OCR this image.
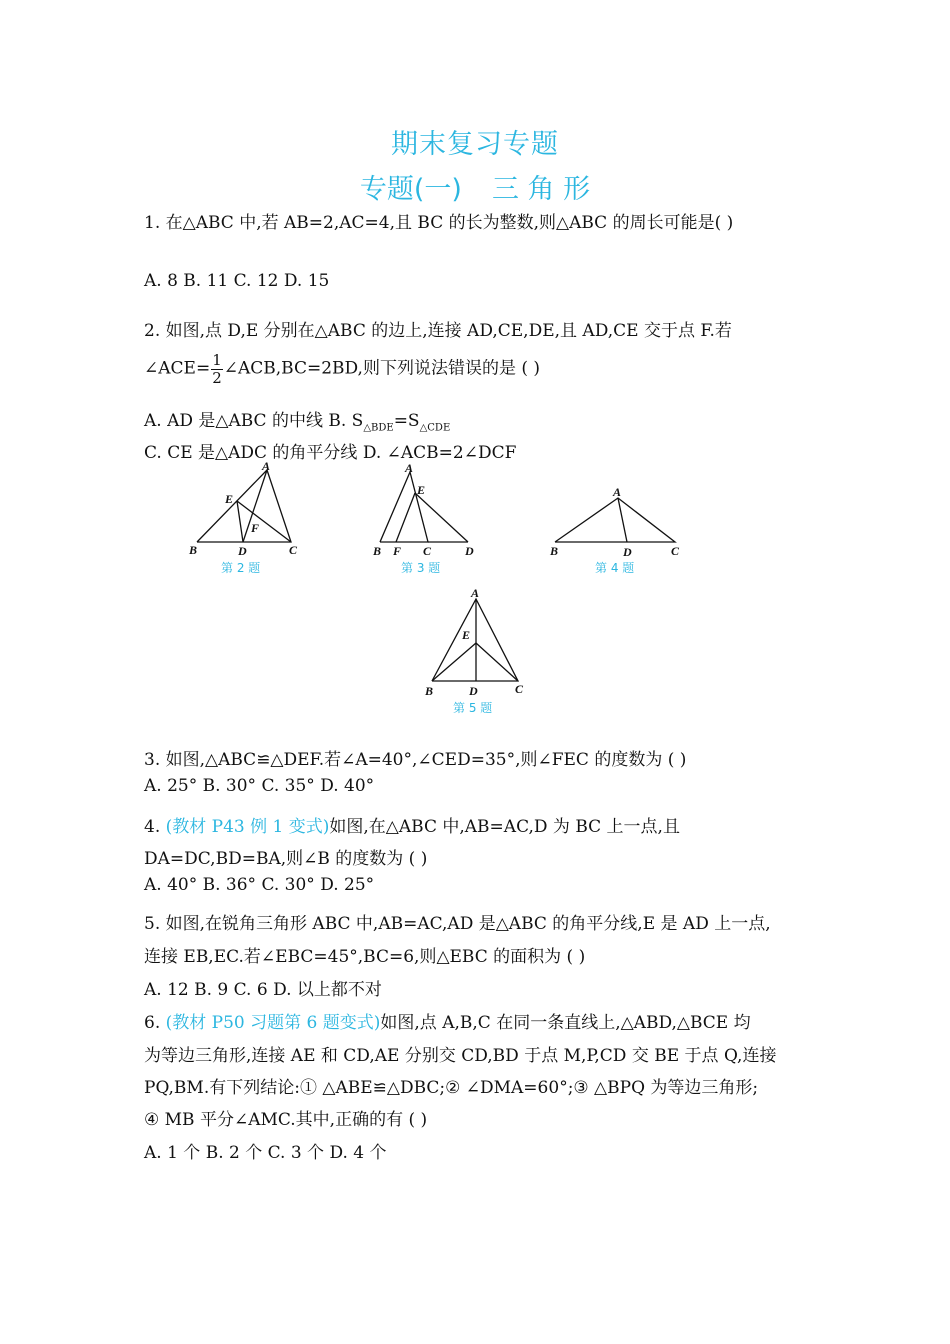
期末复习专题
专题(一) 三 角 形
1. 在△ABC 中,若 AB=2,AC=4,且 BC 的长为整数,则△ABC 的周长可能是( )
A. 8 B. 11 C. 12 D. 15
2. 如图,点 D,E 分别在△ABC 的边上,连接 AD,CE,DE,且 AD,CE 交于点 F.若
∠ACE= $\frac{1}{2}$ ∠ACB,BC=2BD,则下列说法错误的是 ( )
A. AD 是△ABC 的中线 B. $S_{\triangle BDE}=S_{\triangle CDE}$
C. CE 是△ADC 的角平分线 D. ∠ACB=2∠DCF
A
B	C
D
E
F
第 2 题
A
B	C	D
E
F
第 3 题
A
B	C
D
第 4 题
A
B	C
D
E
第 5 题
3. 如图,△ABC≌△DEF.若∠A=40°,∠CED=35°,则∠FEC 的度数为 ( )
A. 25° B. 30° C. 35° D. 40°
4. (教材 P43 例 1 变式)如图,在△ABC 中,AB=AC,D 为 BC 上一点,且
DA=DC,BD=BA,则∠B 的度数为 ( )
A. 40° B. 36° C. 30° D. 25°
5. 如图,在锐角三角形 ABC 中,AB=AC,AD 是△ABC 的角平分线,E 是 AD 上一点,
连接 EB,EC.若∠EBC=45°,BC=6,则△EBC 的面积为 ( )
A. 12 B. 9 C. 6 D. 以上都不对
6. (教材 P50 习题第 6 题变式)如图,点 A,B,C 在同一条直线上,△ABD,△BCE 均
为等边三角形,连接 AE 和 CD,AE 分别交 CD,BD 于点 M,P,CD 交 BE 于点 Q,连接
PQ,BM.有下列结论:① △ABE≌△DBC;② ∠DMA=60°;③ △BPQ 为等边三角形;
④ MB 平分∠AMC.其中,正确的有 ( )
A. 1 个 B. 2 个 C. 3 个 D. 4 个
